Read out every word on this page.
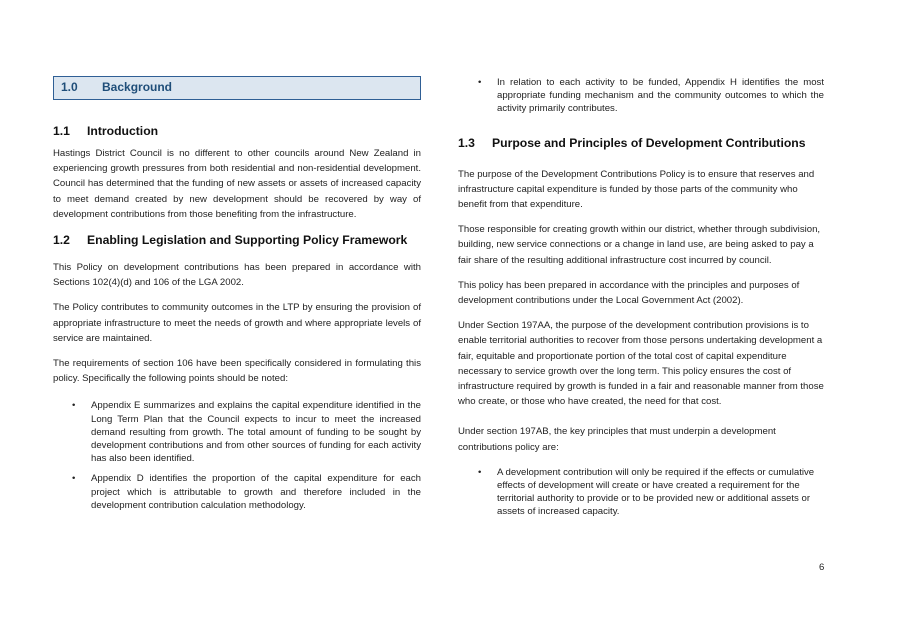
1.0	Background
1.1	Introduction

Hastings District Council is no different to other councils around New Zealand in experiencing growth pressures from both residential and non-residential development. Council has determined that the funding of new assets or assets of increased capacity to meet demand created by new development should be recovered by way of development contributions from those benefiting from the infrastructure.

1.2	Enabling Legislation and Supporting Policy Framework

This Policy on development contributions has been prepared in accordance with Sections 102(4)(d) and 106 of the LGA 2002.

The Policy contributes to community outcomes in the LTP by ensuring the provision of appropriate infrastructure to meet the needs of growth and where appropriate levels of service are maintained.

The requirements of section 106 have been specifically considered in formulating this policy. Specifically the following points should be noted:

• Appendix E summarizes and explains the capital expenditure identified in the Long Term Plan that the Council expects to incur to meet the increased demand resulting from growth. The total amount of funding to be sought by development contributions and from other sources of funding for each activity has also been identified.
• Appendix D identifies the proportion of the capital expenditure for each project which is attributable to growth and therefore included in the development contribution calculation methodology.
• In relation to each activity to be funded, Appendix H identifies the most appropriate funding mechanism and the community outcomes to which the activity primarily contributes.
1.3	Purpose and Principles of Development Contributions

The purpose of the Development Contributions Policy is to ensure that reserves and infrastructure capital expenditure is funded by those parts of the community who benefit from that expenditure.

Those responsible for creating growth within our district, whether through subdivision, building, new service connections or a change in land use, are being asked to pay a fair share of the resulting additional infrastructure cost incurred by council.

This policy has been prepared in accordance with the principles and purposes of development contributions under the Local Government Act (2002).

Under Section 197AA, the purpose of the development contribution provisions is to enable territorial authorities to recover from those persons undertaking development a fair, equitable and proportionate portion of the total cost of capital expenditure necessary to service growth over the long term. This policy ensures the cost of infrastructure required by growth is funded in a fair and reasonable manner from those who create, or those who have created, the need for that cost.

Under section 197AB, the key principles that must underpin a development contributions policy are:

• A development contribution will only be required if the effects or cumulative effects of development will create or have created a requirement for the territorial authority to provide or to be provided new or additional assets or assets of increased capacity.
6
